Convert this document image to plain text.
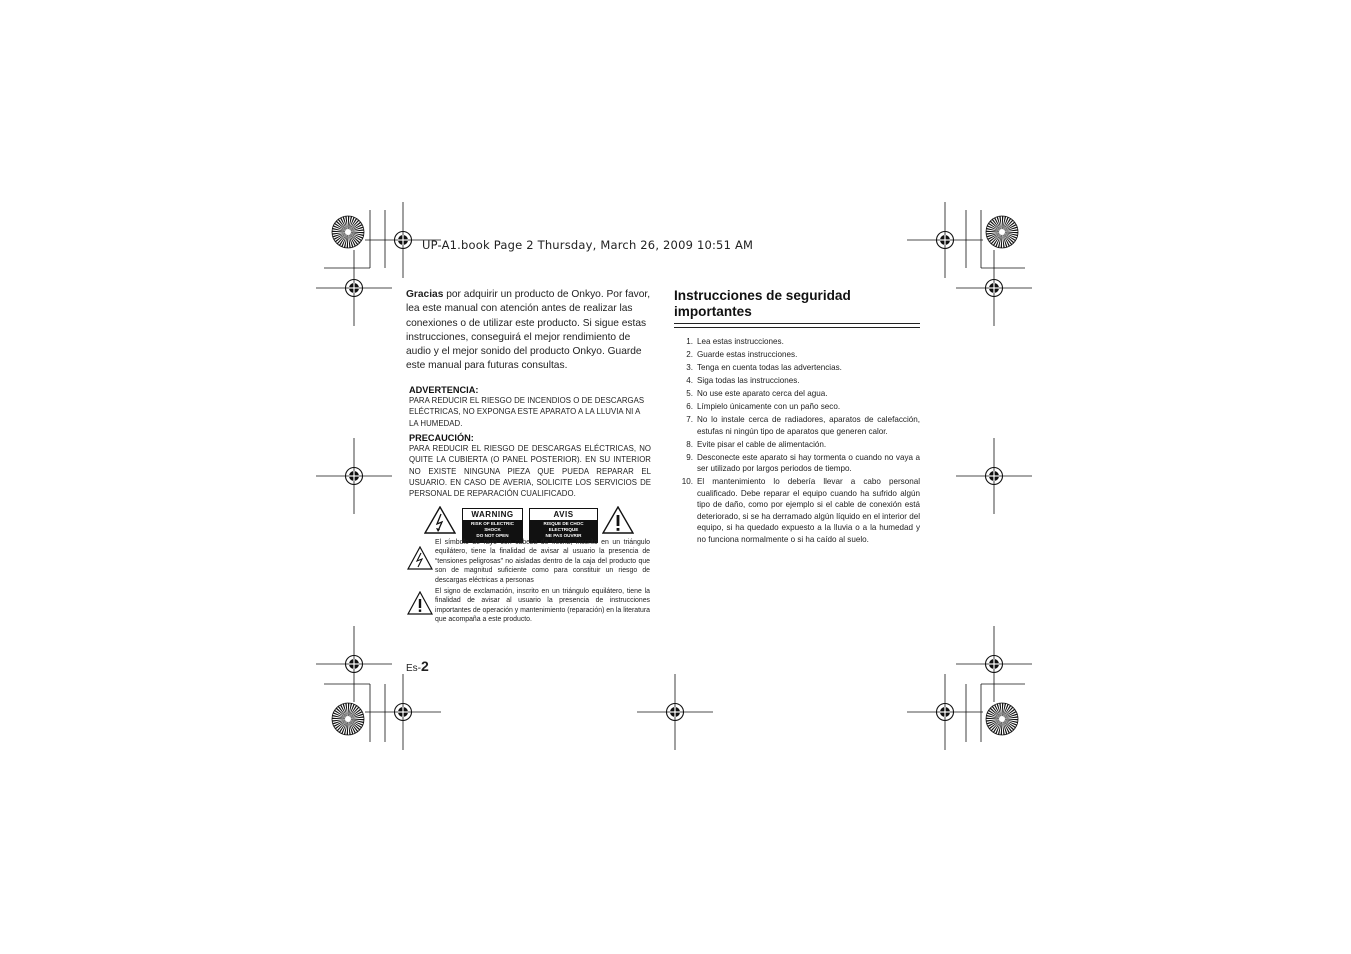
UP-A1.book Page 2 Thursday, March 26, 2009 10:51 AM
Gracias por adquirir un producto de Onkyo. Por favor, lea este manual con atención antes de realizar las conexiones o de utilizar este producto. Si sigue estas instrucciones, conseguirá el mejor rendimiento de audio y el mejor sonido del producto Onkyo. Guarde este manual para futuras consultas.
ADVERTENCIA:
PARA REDUCIR EL RIESGO DE INCENDIOS O DE DESCARGAS ELÉCTRICAS, NO EXPONGA ESTE APARATO A LA LLUVIA NI A LA HUMEDAD.
PRECAUCIÓN:
PARA REDUCIR EL RIESGO DE DESCARGAS ELÉCTRICAS, NO QUITE LA CUBIERTA (O PANEL POSTERIOR). EN SU INTERIOR NO EXISTE NINGUNA PIEZA QUE PUEDA REPARAR EL USUARIO. EN CASO DE AVERIA, SOLICITE LOS SERVICIOS DE PERSONAL DE REPARACIÓN CUALIFICADO.
WARNING
RISK OF ELECTRIC SHOCK
DO NOT OPEN
AVIS
RISQUE DE CHOC ELECTRIQUE
NE PAS OUVRIR
El símbolo de rayo con cabeza de flecha, inscrito en un triángulo equilátero, tiene la finalidad de avisar al usuario la presencia de “tensiones peligrosas” no aisladas dentro de la caja del producto que son de magnitud suficiente como para constituir un riesgo de descargas eléctricas a personas
El signo de exclamación, inscrito en un triángulo equilátero, tiene la finalidad de avisar al usuario la presencia de instrucciones importantes de operación y mantenimiento (reparación) en la literatura que acompaña a este producto.
Es-2
Instrucciones de seguridad importantes
1. Lea estas instrucciones.
2. Guarde estas instrucciones.
3. Tenga en cuenta todas las advertencias.
4. Siga todas las instrucciones.
5. No use este aparato cerca del agua.
6. Límpielo únicamente con un paño seco.
7. No lo instale cerca de radiadores, aparatos de calefacción, estufas ni ningún tipo de aparatos que generen calor.
8. Evite pisar el cable de alimentación.
9. Desconecte este aparato si hay tormenta o cuando no vaya a ser utilizado por largos periodos de tiempo.
10. El mantenimiento lo debería llevar a cabo personal cualificado. Debe reparar el equipo cuando ha sufrido algún tipo de daño, como por ejemplo si el cable de conexión está deteriorado, si se ha derramado algún líquido en el interior del equipo, si ha quedado expuesto a la lluvia o a la humedad y no funciona normalmente o si ha caído al suelo.
